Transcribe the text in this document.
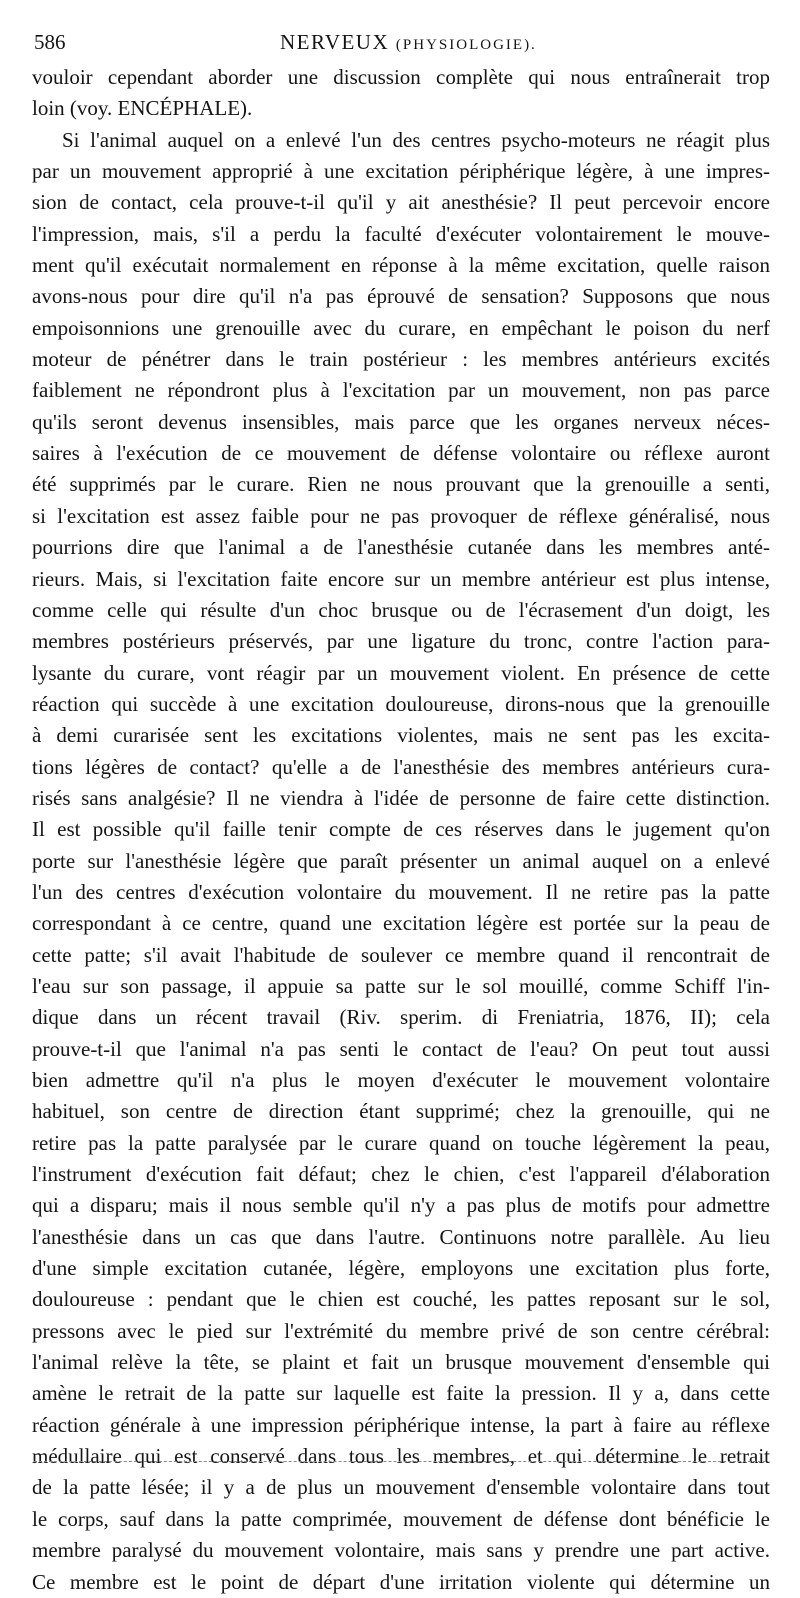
586	NERVEUX (PHYSIOLOGIE).
vouloir cependant aborder une discussion complète qui nous entraînerait trop
loin (voy. ENCÉPHALE).
Si l'animal auquel on a enlevé l'un des centres psycho-moteurs ne réagit plus
par un mouvement approprié à une excitation périphérique légère, à une impres-
sion de contact, cela prouve-t-il qu'il y ait anesthésie? Il peut percevoir encore
l'impression, mais, s'il a perdu la faculté d'exécuter volontairement le mouve-
ment qu'il exécutait normalement en réponse à la même excitation, quelle raison
avons-nous pour dire qu'il n'a pas éprouvé de sensation? Supposons que nous
empoisonnions une grenouille avec du curare, en empêchant le poison du nerf
moteur de pénétrer dans le train postérieur : les membres antérieurs excités
faiblement ne répondront plus à l'excitation par un mouvement, non pas parce
qu'ils seront devenus insensibles, mais parce que les organes nerveux néces-
saires à l'exécution de ce mouvement de défense volontaire ou réflexe auront
été supprimés par le curare. Rien ne nous prouvant que la grenouille a senti,
si l'excitation est assez faible pour ne pas provoquer de réflexe généralisé, nous
pourrions dire que l'animal a de l'anesthésie cutanée dans les membres anté-
rieurs. Mais, si l'excitation faite encore sur un membre antérieur est plus intense,
comme celle qui résulte d'un choc brusque ou de l'écrasement d'un doigt, les
membres postérieurs préservés, par une ligature du tronc, contre l'action para-
lysante du curare, vont réagir par un mouvement violent. En présence de cette
réaction qui succède à une excitation douloureuse, dirons-nous que la grenouille
à demi curarisée sent les excitations violentes, mais ne sent pas les excita-
tions légères de contact? qu'elle a de l'anesthésie des membres antérieurs cura-
risés sans analgésie? Il ne viendra à l'idée de personne de faire cette distinction.
Il est possible qu'il faille tenir compte de ces réserves dans le jugement qu'on
porte sur l'anesthésie légère que paraît présenter un animal auquel on a enlevé
l'un des centres d'exécution volontaire du mouvement. Il ne retire pas la patte
correspondant à ce centre, quand une excitation légère est portée sur la peau de
cette patte; s'il avait l'habitude de soulever ce membre quand il rencontrait de
l'eau sur son passage, il appuie sa patte sur le sol mouillé, comme Schiff l'in-
dique dans un récent travail (Riv. sperim. di Freniatria, 1876, II); cela
prouve-t-il que l'animal n'a pas senti le contact de l'eau? On peut tout aussi
bien admettre qu'il n'a plus le moyen d'exécuter le mouvement volontaire
habituel, son centre de direction étant supprimé; chez la grenouille, qui ne
retire pas la patte paralysée par le curare quand on touche légèrement la peau,
l'instrument d'exécution fait défaut; chez le chien, c'est l'appareil d'élaboration
qui a disparu; mais il nous semble qu'il n'y a pas plus de motifs pour admettre
l'anesthésie dans un cas que dans l'autre. Continuons notre parallèle. Au lieu
d'une simple excitation cutanée, légère, employons une excitation plus forte,
douloureuse : pendant que le chien est couché, les pattes reposant sur le sol,
pressons avec le pied sur l'extrémité du membre privé de son centre cérébral:
l'animal relève la tête, se plaint et fait un brusque mouvement d'ensemble qui
amène le retrait de la patte sur laquelle est faite la pression. Il y a, dans cette
réaction générale à une impression périphérique intense, la part à faire au réflexe
médullaire qui est conservé dans tous les membres, et qui détermine le retrait
de la patte lésée; il y a de plus un mouvement d'ensemble volontaire dans tout
le corps, sauf dans la patte comprimée, mouvement de défense dont bénéficie le
membre paralysé du mouvement volontaire, mais sans y prendre une part active.
Ce membre est le point de départ d'une irritation violente qui détermine un
